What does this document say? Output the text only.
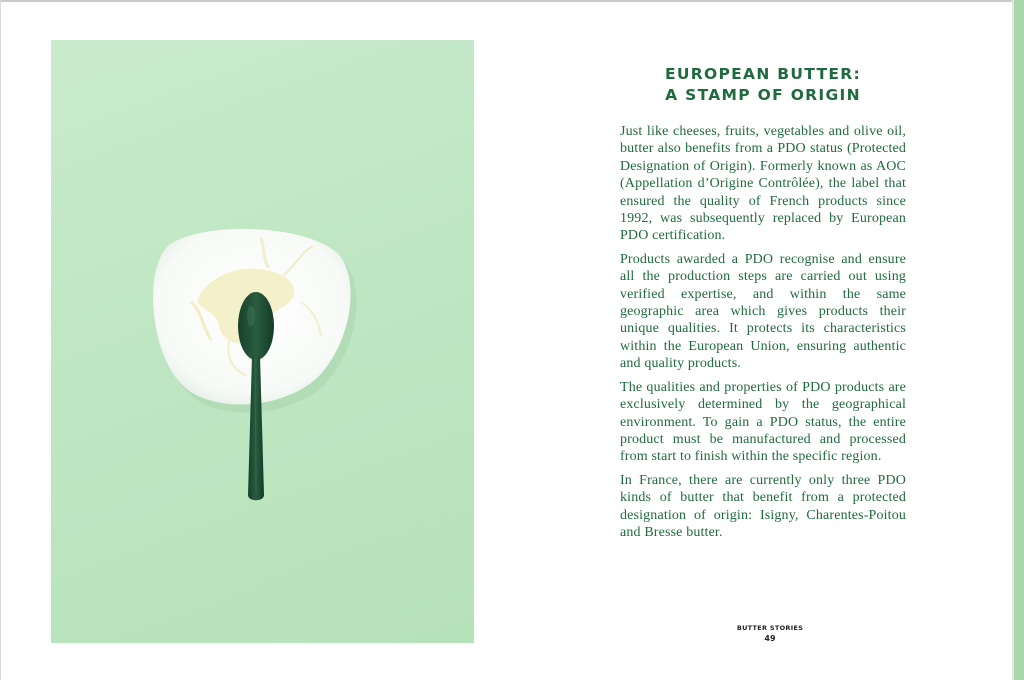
EUROPEAN BUTTER:
A STAMP OF ORIGIN

Just like cheeses, fruits, vegetables and olive oil, butter also benefits from a PDO status (Protected Designation of Origin). Formerly known as AOC (Appellation d’Origine Contrôlée), the label that ensured the quality of French products since 1992, was subsequently replaced by European PDO certification.

Products awarded a PDO recognise and ensure all the production steps are carried out using verified expertise, and within the same geographic area which gives products their unique qualities. It protects its characteristics within the European Union, ensuring authentic and quality products.

The qualities and properties of PDO products are exclusively determined by the geographical environment. To gain a PDO status, the entire product must be manufactured and processed from start to finish within the specific region.

In France, there are currently only three PDO kinds of butter that benefit from a protected designation of origin: Isigny, Charentes-Poitou and Bresse butter.

BUTTER STORIES
49
